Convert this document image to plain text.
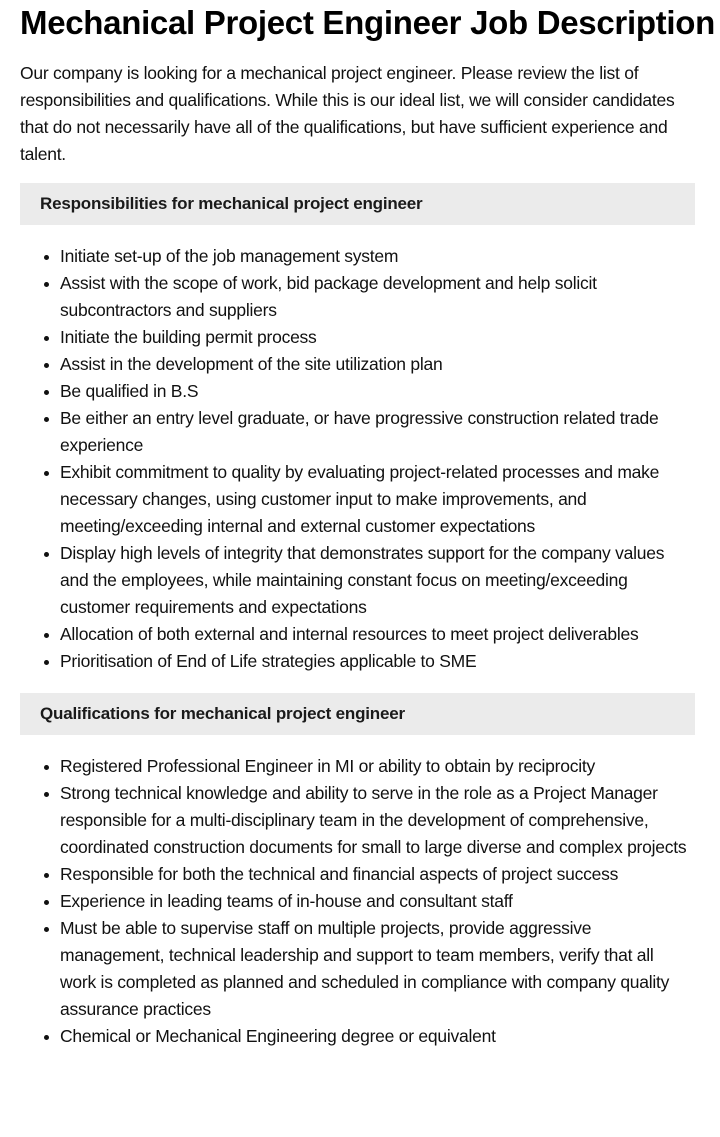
Mechanical Project Engineer Job Description

Our company is looking for a mechanical project engineer. Please review the list of responsibilities and qualifications. While this is our ideal list, we will consider candidates that do not necessarily have all of the qualifications, but have sufficient experience and talent.

Responsibilities for mechanical project engineer
Initiate set-up of the job management system
Assist with the scope of work, bid package development and help solicit subcontractors and suppliers
Initiate the building permit process
Assist in the development of the site utilization plan
Be qualified in B.S
Be either an entry level graduate, or have progressive construction related trade experience
Exhibit commitment to quality by evaluating project-related processes and make necessary changes, using customer input to make improvements, and meeting/exceeding internal and external customer expectations
Display high levels of integrity that demonstrates support for the company values and the employees, while maintaining constant focus on meeting/exceeding customer requirements and expectations
Allocation of both external and internal resources to meet project deliverables
Prioritisation of End of Life strategies applicable to SME
Qualifications for mechanical project engineer
Registered Professional Engineer in MI or ability to obtain by reciprocity
Strong technical knowledge and ability to serve in the role as a Project Manager responsible for a multi-disciplinary team in the development of comprehensive, coordinated construction documents for small to large diverse and complex projects
Responsible for both the technical and financial aspects of project success
Experience in leading teams of in-house and consultant staff
Must be able to supervise staff on multiple projects, provide aggressive management, technical leadership and support to team members, verify that all work is completed as planned and scheduled in compliance with company quality assurance practices
Chemical or Mechanical Engineering degree or equivalent
